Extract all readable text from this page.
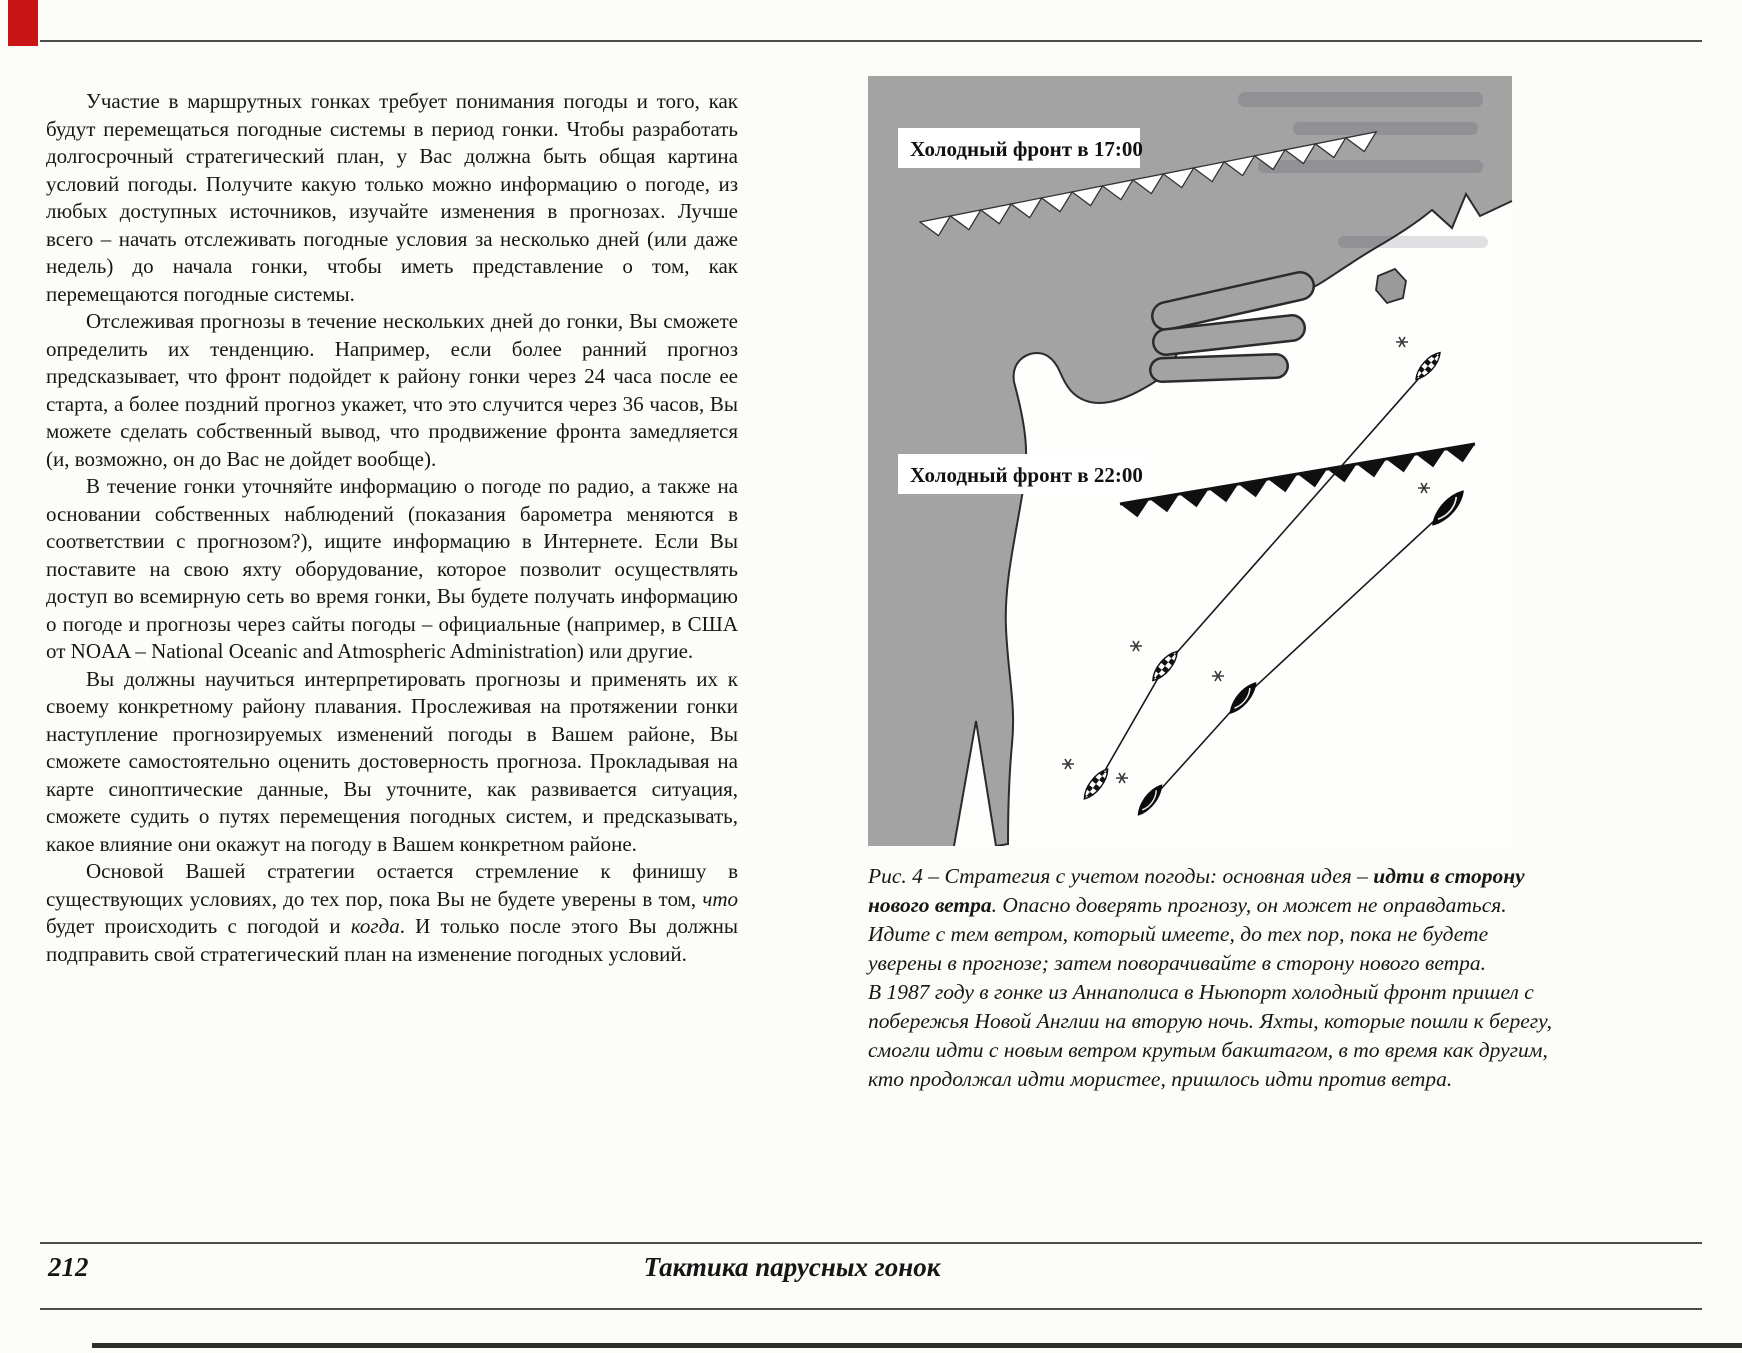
Участие в маршрутных гонках требует понимания погоды и того, как будут перемещаться погодные системы в период гонки. Чтобы разработать долгосрочный стратегический план, у Вас должна быть общая картина условий погоды. Получите какую только можно информацию о погоде, из любых доступных источников, изучайте изменения в прогнозах. Лучше всего – начать отслеживать погодные условия за несколько дней (или даже недель) до начала гонки, чтобы иметь представление о том, как перемещаются погодные системы.

Отслеживая прогнозы в течение нескольких дней до гонки, Вы сможете определить их тенденцию. Например, если более ранний прогноз предсказывает, что фронт подойдет к району гонки через 24 часа после ее старта, а более поздний прогноз укажет, что это случится через 36 часов, Вы можете сделать собственный вывод, что продвижение фронта замедляется (и, возможно, он до Вас не дойдет вообще).

В течение гонки уточняйте информацию о погоде по радио, а также на основании собственных наблюдений (показания барометра меняются в соответствии с прогнозом?), ищите информацию в Интернете. Если Вы поставите на свою яхту оборудование, которое позволит осуществлять доступ во всемирную сеть во время гонки, Вы будете получать информацию о погоде и прогнозы через сайты погоды – официальные (например, в США от NOAA – National Oceanic and Atmospheric Administration) или другие.

Вы должны научиться интерпретировать прогнозы и применять их к своему конкретному району плавания. Прослеживая на протяжении гонки наступление прогнозируемых изменений погоды в Вашем районе, Вы сможете самостоятельно оценить достоверность прогноза. Прокладывая на карте синоптические данные, Вы уточните, как развивается ситуация, сможете судить о путях перемещения погодных систем, и предсказывать, какое влияние они окажут на погоду в Вашем конкретном районе.

Основой Вашей стратегии остается стремление к финишу в существующих условиях, до тех пор, пока Вы не будете уверены в том, что будет происходить с погодой и когда. И только после этого Вы должны подправить свой стратегический план на изменение погодных условий.

Холодный фронт в 17:00
Холодный фронт в 22:00

Рис. 4 – Стратегия с учетом погоды: основная идея – идти в сторону нового ветра. Опасно доверять прогнозу, он может не оправдаться. Идите с тем ветром, который имеете, до тех пор, пока не будете уверены в прогнозе; затем поворачивайте в сторону нового ветра.

В 1987 году в гонке из Аннаполиса в Ньюпорт холодный фронт пришел с побережья Новой Англии на вторую ночь. Яхты, которые пошли к берегу, смогли идти с новым ветром крутым бакштагом, в то время как другим, кто продолжал идти мористее, пришлось идти против ветра.

212	Тактика парусных гонок
